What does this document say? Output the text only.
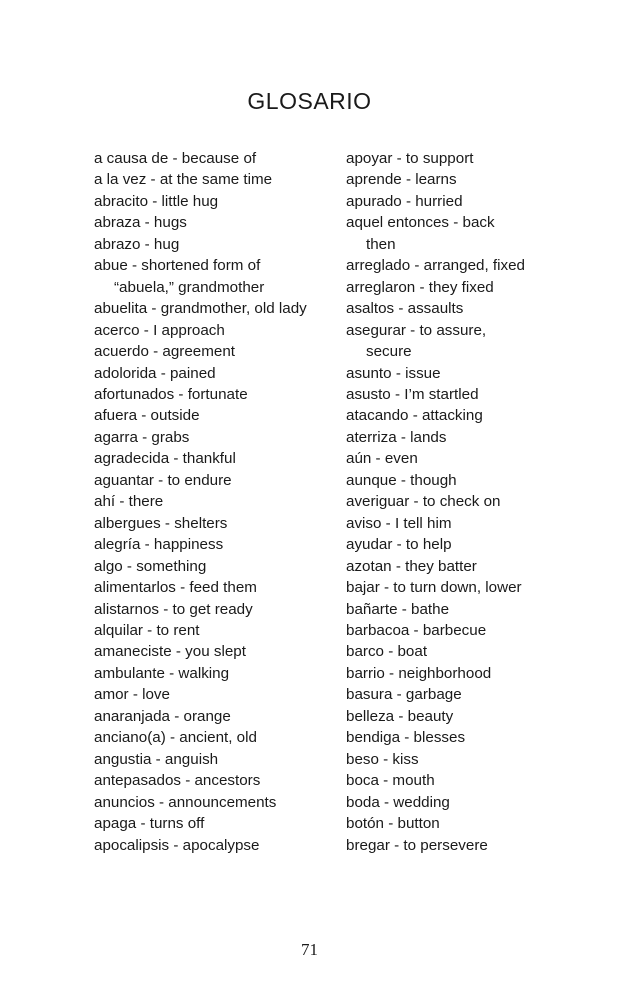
GLOSARIO
a causa de - because of
a la vez - at the same time
abracito - little hug
abraza - hugs
abrazo - hug
abue - shortened form of “abuela,” grandmother
abuelita - grandmother, old lady
acerco - I approach
acuerdo - agreement
adolorida - pained
afortunados - fortunate
afuera - outside
agarra - grabs
agradecida - thankful
aguantar - to endure
ahí - there
albergues - shelters
alegría - happiness
algo - something
alimentarlos - feed them
alistarnos - to get ready
alquilar - to rent
amaneciste - you slept
ambulante - walking
amor - love
anaranjada - orange
anciano(a) - ancient, old
angustia - anguish
antepasados - ancestors
anuncios - announcements
apaga - turns off
apocalipsis - apocalypse
apoyar - to support
aprende - learns
apurado - hurried
aquel entonces - back then
arreglado - arranged, fixed
arreglaron - they fixed
asaltos - assaults
asegurar - to assure, secure
asunto - issue
asusto - I’m startled
atacando - attacking
aterriza - lands
aún - even
aunque - though
averiguar - to check on
aviso - I tell him
ayudar - to help
azotan - they batter
bajar - to turn down, lower
bañarte - bathe
barbacoa - barbecue
barco - boat
barrio - neighborhood
basura - garbage
belleza - beauty
bendiga - blesses
beso - kiss
boca - mouth
boda - wedding
botón - button
bregar - to persevere
71
